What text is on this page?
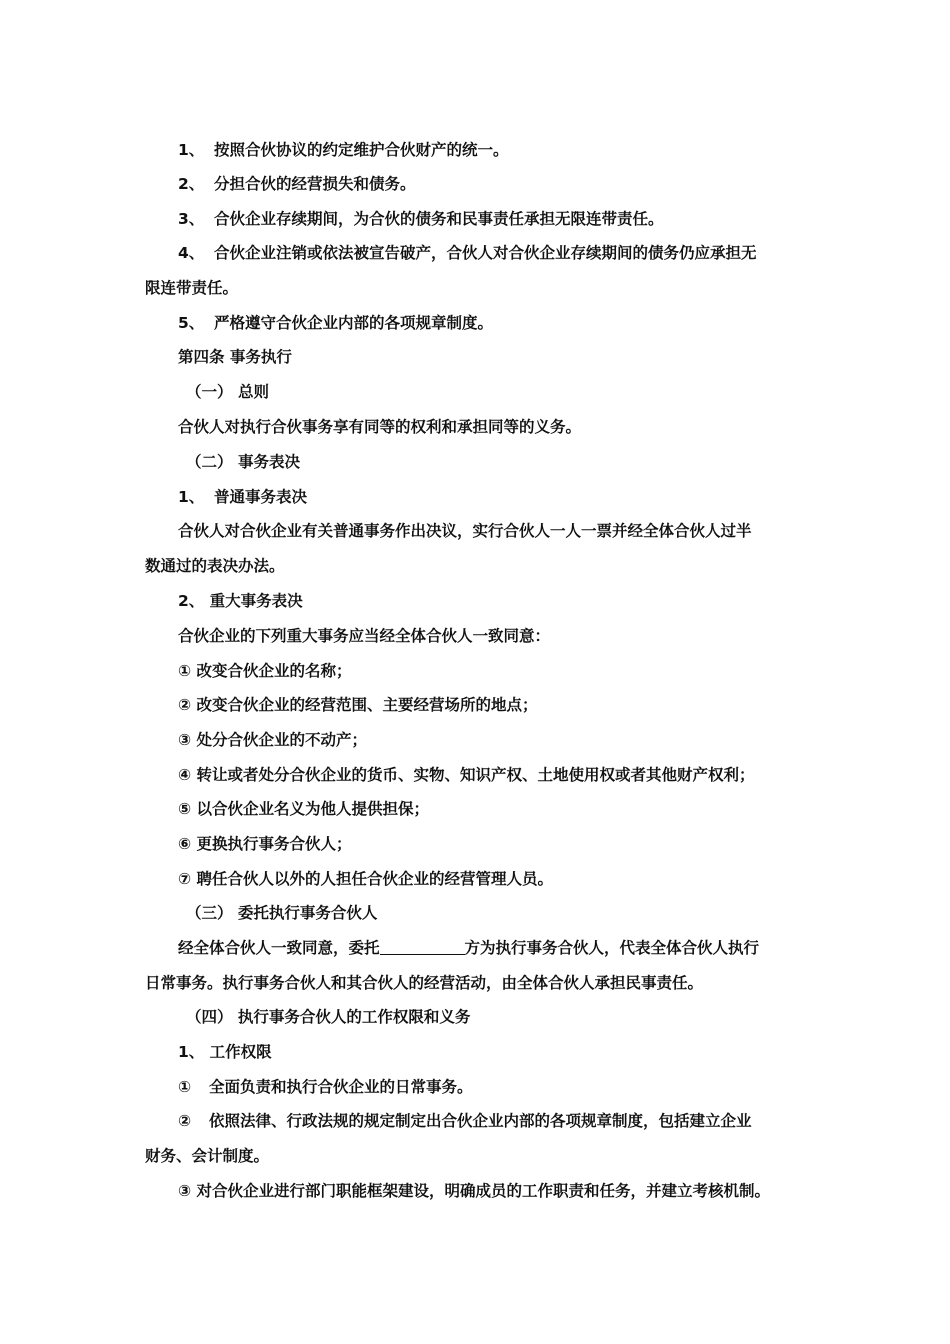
1、 按照合伙协议的约定维护合伙财产的统一。
2、 分担合伙的经营损失和债务。
3、 合伙企业存续期间，为合伙的债务和民事责任承担无限连带责任。
4、 合伙企业注销或依法被宣告破产，合伙人对合伙企业存续期间的债务仍应承担无
限连带责任。
5、 严格遵守合伙企业内部的各项规章制度。
第四条 事务执行
（一） 总则
合伙人对执行合伙事务享有同等的权利和承担同等的义务。
（二） 事务表决
1、 普通事务表决
合伙人对合伙企业有关普通事务作出决议，实行合伙人一人一票并经全体合伙人过半
数通过的表决办法。
2、 重大事务表决
合伙企业的下列重大事务应当经全体合伙人一致同意：
① 改变合伙企业的名称；
② 改变合伙企业的经营范围、主要经营场所的地点；
③ 处分合伙企业的不动产；
④ 转让或者处分合伙企业的货币、实物、知识产权、土地使用权或者其他财产权利；
⑤ 以合伙企业名义为他人提供担保；
⑥ 更换执行事务合伙人；
⑦ 聘任合伙人以外的人担任合伙企业的经营管理人员。
（三） 委托执行事务合伙人
经全体合伙人一致同意，委托	方为执行事务合伙人，代表全体合伙人执行
日常事务。执行事务合伙人和其合伙人的经营活动，由全体合伙人承担民事责任。
（四） 执行事务合伙人的工作权限和义务
1、 工作权限
① 全面负责和执行合伙企业的日常事务。
② 依照法律、行政法规的规定制定出合伙企业内部的各项规章制度，包括建立企业
财务、会计制度。
③ 对合伙企业进行部门职能框架建设，明确成员的工作职责和任务，并建立考核机制。
